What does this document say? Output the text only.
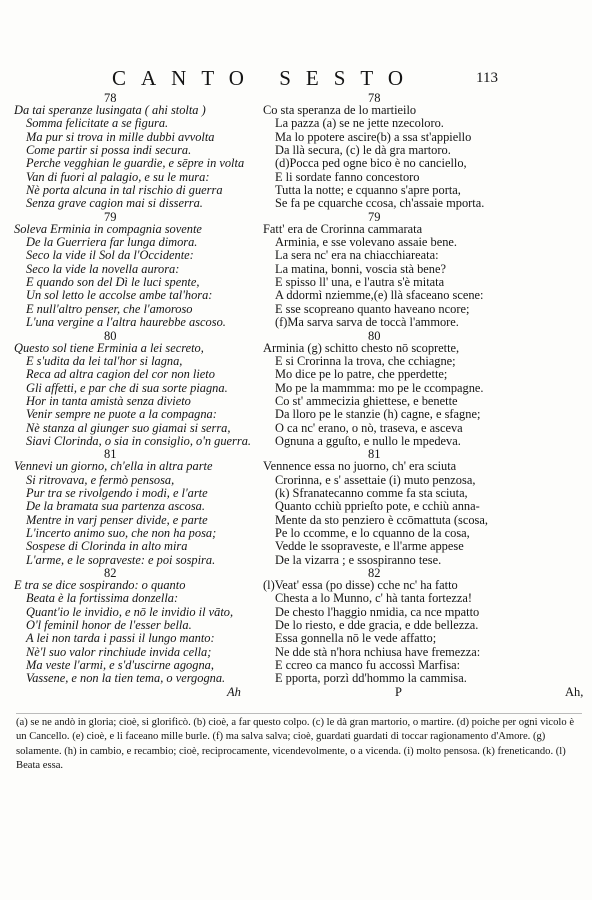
CANTO SESTO	113
78
Da tai speranze lusingata ( ahi stolta )
Somma felicitate a se figura.
Ma pur si trova in mille dubbi avvolta
Come partir si possa indi secura.
Perche vegghian le guardie, e sēpre in volta
Van di fuori al palagio, e su le mura:
Nè porta alcuna in tal rischio di guerra
Senza grave cagion mai si disserra.
79
Soleva Erminia in compagnia sovente
De la Guerriera far lunga dimora.
Seco la vide il Sol da l'Occidente:
Seco la vide la novella aurora:
E quando son del Dì le luci spente,
Un sol letto le accolse ambe tal'hora:
E null'altro penser, che l'amoroso
L'una vergine a l'altra haurebbe ascoso.
80
Questo sol tiene Erminia a lei secreto,
E s'udita da lei tal'hor si lagna,
Reca ad altra cagion del cor non lieto
Gli affetti, e par che di sua sorte piagna.
Hor in tanta amistà senza divieto
Venir sempre ne puote a la compagna:
Nè stanza al giunger suo giamai si serra,
Siavi Clorinda, o sia in consiglio, o'n guerra.
81
Vennevi un giorno, ch'ella in altra parte
Si ritrovava, e fermò pensosa,
Pur tra se rivolgendo i modi, e l'arte
De la bramata sua partenza ascosa.
Mentre in varj penser divide, e parte
L'incerto animo suo, che non ha posa;
Sospese di Clorinda in alto mira
L'arme, e le sopraveste: e poi sospira.
82
E tra se dice sospirando: o quanto
Beata è la fortissima donzella:
Quant'io le invidio, e nō le invidio il vāto,
O'l feminil honor de l'esser bella.
A lei non tarda i passi il lungo manto:
Nè'l suo valor rinchiude invida cella;
Ma veste l'armi, e s'd'uscirne agogna,
Vassene, e non la tien tema, o vergogna.
Ah
78
Co sta speranza de lo martieilo
La pazza (a) se ne jette nzecoloro.
Ma lo ppotere ascire(b) a ssa st'appiello
Da llà secura, (c) le dà gra martoro.
(d)Pocca ped ogne bico è no canciello,
E li sordate fanno concestoro
Tutta la notte; e cquanno s'apre porta,
Se fa pe cquarche ccosa, ch'assaie mporta.
79
Fatt' era de Crorinna cammarata
Arminia, e sse volevano assaie bene.
La sera nc' era na chiacchiareata:
La matina, bonni, voscia stà bene?
E spisso ll' una, e l'autra s'è mitata
A ddormì nziemme,(e) llà sfaceano scene:
E sse scopreano quanto haveano ncore;
(f)Ma sarva sarva de toccà l'ammore.
80
Arminia (g) schitto chesto nō scoprette,
E si Crorinna la trova, che cchiagne;
Mo dice pe lo patre, che pperdette;
Mo pe la mammma: mo pe le ccompagne.
Co st' ammecizia ghiettese, e benette
Da lloro pe le stanzie (h) cagne, e sfagne;
O ca nc' erano, o nò, traseva, e asceva
Ognuna a gguſto, e nullo le mpedeva.
81
Vennence essa no juorno, ch' era sciuta
Crorinna, e s' assettaie (i) muto penzosa,
(k) Sfranatecanno comme fa sta sciuta,
Quanto cchiù pprieſto pote, e cchiù anna-
Mente da sto penziero è ccōmattuta (scosa,
Pe lo ccomme, e lo cquanno de la cosa,
Vedde le ssopraveste, e ll'arme appese
De la vizarra ; e ssospiranno tese.
82
(l)Veat' essa (po disse) cche nc' ha fatto
Chesta a lo Munno, c' hà tanta fortezza!
De chesto l'haggio nmidia, ca nce mpatto
De lo riesto, e dde gracia, e dde bellezza.
Essa gonnella nō le vede affatto;
Ne dde stà n'hora nchiusa have fremezza:
E ccreo ca manco fu accossì Marfisa:
E pporta, porzì dd'hommo la cammisa.
P	Ah,
(a) se ne andò in gloria; cioè, si glorificò. (b) cioè, a far questo colpo. (c) le dà gran martorio, o martire. (d) poiche per ogni vicolo è un Cancello. (e) cioè, e li faceano mille burle. (f) ma salva salva; cioè, guardati guardati di toccar ragionamento d'Amore. (g) solamente. (h) in cambio, e recambio; cioè, reciprocamente, vicendevolmente, o a vicenda. (i) molto pensosa. (k) freneticando. (l) Beata essa.
